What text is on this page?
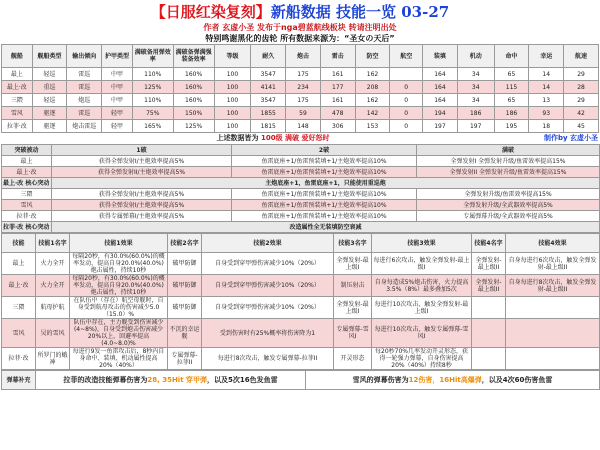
【日服红染复刻】新船数据 技能一览 03-27
作者 玄虚小圣 发布于nga碧蓝航线板块 转请注明出处
特别鸣谢黑化的齿轮 所有数据来源为：“圣女の天后”
舰船	舰船类型	输出倾向	护甲类型	满破备用弹效率	满破备弹满强装备效率	等级	耐久	炮击	雷击	防空	航空	装填	机动	命中	幸运	航速
最上	轻巡	雷巡	中甲	110%	160%	100	3547	175	161	162		164	34	65	14	29
最上·改	重巡	雷巡	中甲	125%	160%	100	4141	234	177	208	0	164	34	115	14	28
三隈	轻巡	炮巡	中甲	110%	160%	100	3547	175	161	162	0	164	34	65	13	29
雪风	驱逐	雷巡	轻甲	75%	150%	100	1855	59	478	142	0	194	186	186	93	42
拉菲·改	驱逐	炮击雷巡	轻甲	165%	125%	100	1815	148	306	153	0	197	197	195	18	45
上述数据皆为 100级 满破 爱好怒时	制作by 玄虚小圣
突破被动	1破	2破	满破
最上	获得全弹发射I/主炮效率提高5%	鱼雷底座+1/鱼雷预装填+1/主炮效率提高10%	全弹发射I 全弹发射升级/鱼雷效率提高15%
最上·改	获得全弹发射II/主炮效率提高5%	鱼雷底座+1/鱼雷预装填+1/主炮效率提高10%	全弹发射II 全弹发射升级/鱼雷效率提高15%
最上·改 核心突动	主炮底座+1，鱼雷底座+1，只能使用重巡炮		
三隈	获得全弹发射I/主炮效率提高5%	鱼雷底座+1/鱼雷预装填+1/主炮效率提高10%	全弹发射升级/鱼雷效率提高15%
雪风	获得全弹发射I/主炮效率提高5%	鱼雷底座+1/鱼雷预装填+1/主炮效率提高10%	全弹发射升级/全武器效率提高5%
拉菲·改	获得专属弹幕I/主炮效率提高5%	鱼雷底座+1/鱼雷预装填+1/主炮效率提高10%	专属弹幕升级/全武器效率提高5%
拉菲·改 核心突动	改造属性全无装填防空衰减		
技能	技能1名字	技能1效果	技能2名字	技能2效果	技能3名字	技能3效果	技能4名字	技能4效果
最上	火力全开	每隔20秒，有30.0%(60.0%)的概率发动，提高自身20.0%(40.0%)炮击属性，持续10秒	破甲防御	自身受到穿甲弹伤害减少10%（20%）	全弹发射-最上级I	每进行6次攻击，触发全弹发射-最上级I	全弹发射-最上级II	自身每进行6次攻击，触发全弹发射-最上级II
最上·改	火力全开	每隔20秒，有30.0%(60.0%)的概率发动，提高自身20.0%(40.0%)炮击属性，持续10秒	破甲防御	自身受到穿甲弹伤害减少10%（20%）	制压射击	自身每造成5%炮击伤害，火力提高3.5%（8%）最多叠加5次	全弹发射-最上级II	自身每进行8次攻击，触发全弹发射-最上级II
三隈	航母护航	在队伍中（存在）航空母舰时，自身受到航母攻击的伤害减少5.0（15.0）%	破甲防御	自身受到穿甲弹伤害减少10%（20%）	全弹发射-最上级I	每进行10次攻击，触发全弹发射-最上级I		
雪风	吴的雪风	队伍中存在，主力舰受到伤害减少(4~8%)，自身受到炮击伤害减少20%以上，回避率提高(4.0~8.0)%	不沉的幸运舰	受到伤害时有25%概率将伤害降为1	专属弹幕-雪风I	每进行10次攻击，触发专属弹幕-雪风I		
拉菲·改	所罗门的蛾神	每进行9发一鱼雷攻击后，8秒内自身命中、装填、机动属性提高20%（40%）	专属弹幕-拉菲II	每进行8次攻击，触发专属弹幕-拉菲II	开灵形态	每20秒70%几率发动开灵形态，获得一轮强力弹幕，自身伤害提高20%（40%）持续8秒		
弹幕补充	拉菲的改造技能弹幕伤害为28, 35Hit 穿甲弹，以及5次16色发鱼雷	雪风的弹幕伤害为12伤害，16Hit高爆弹，以及4次60伤害鱼雷
